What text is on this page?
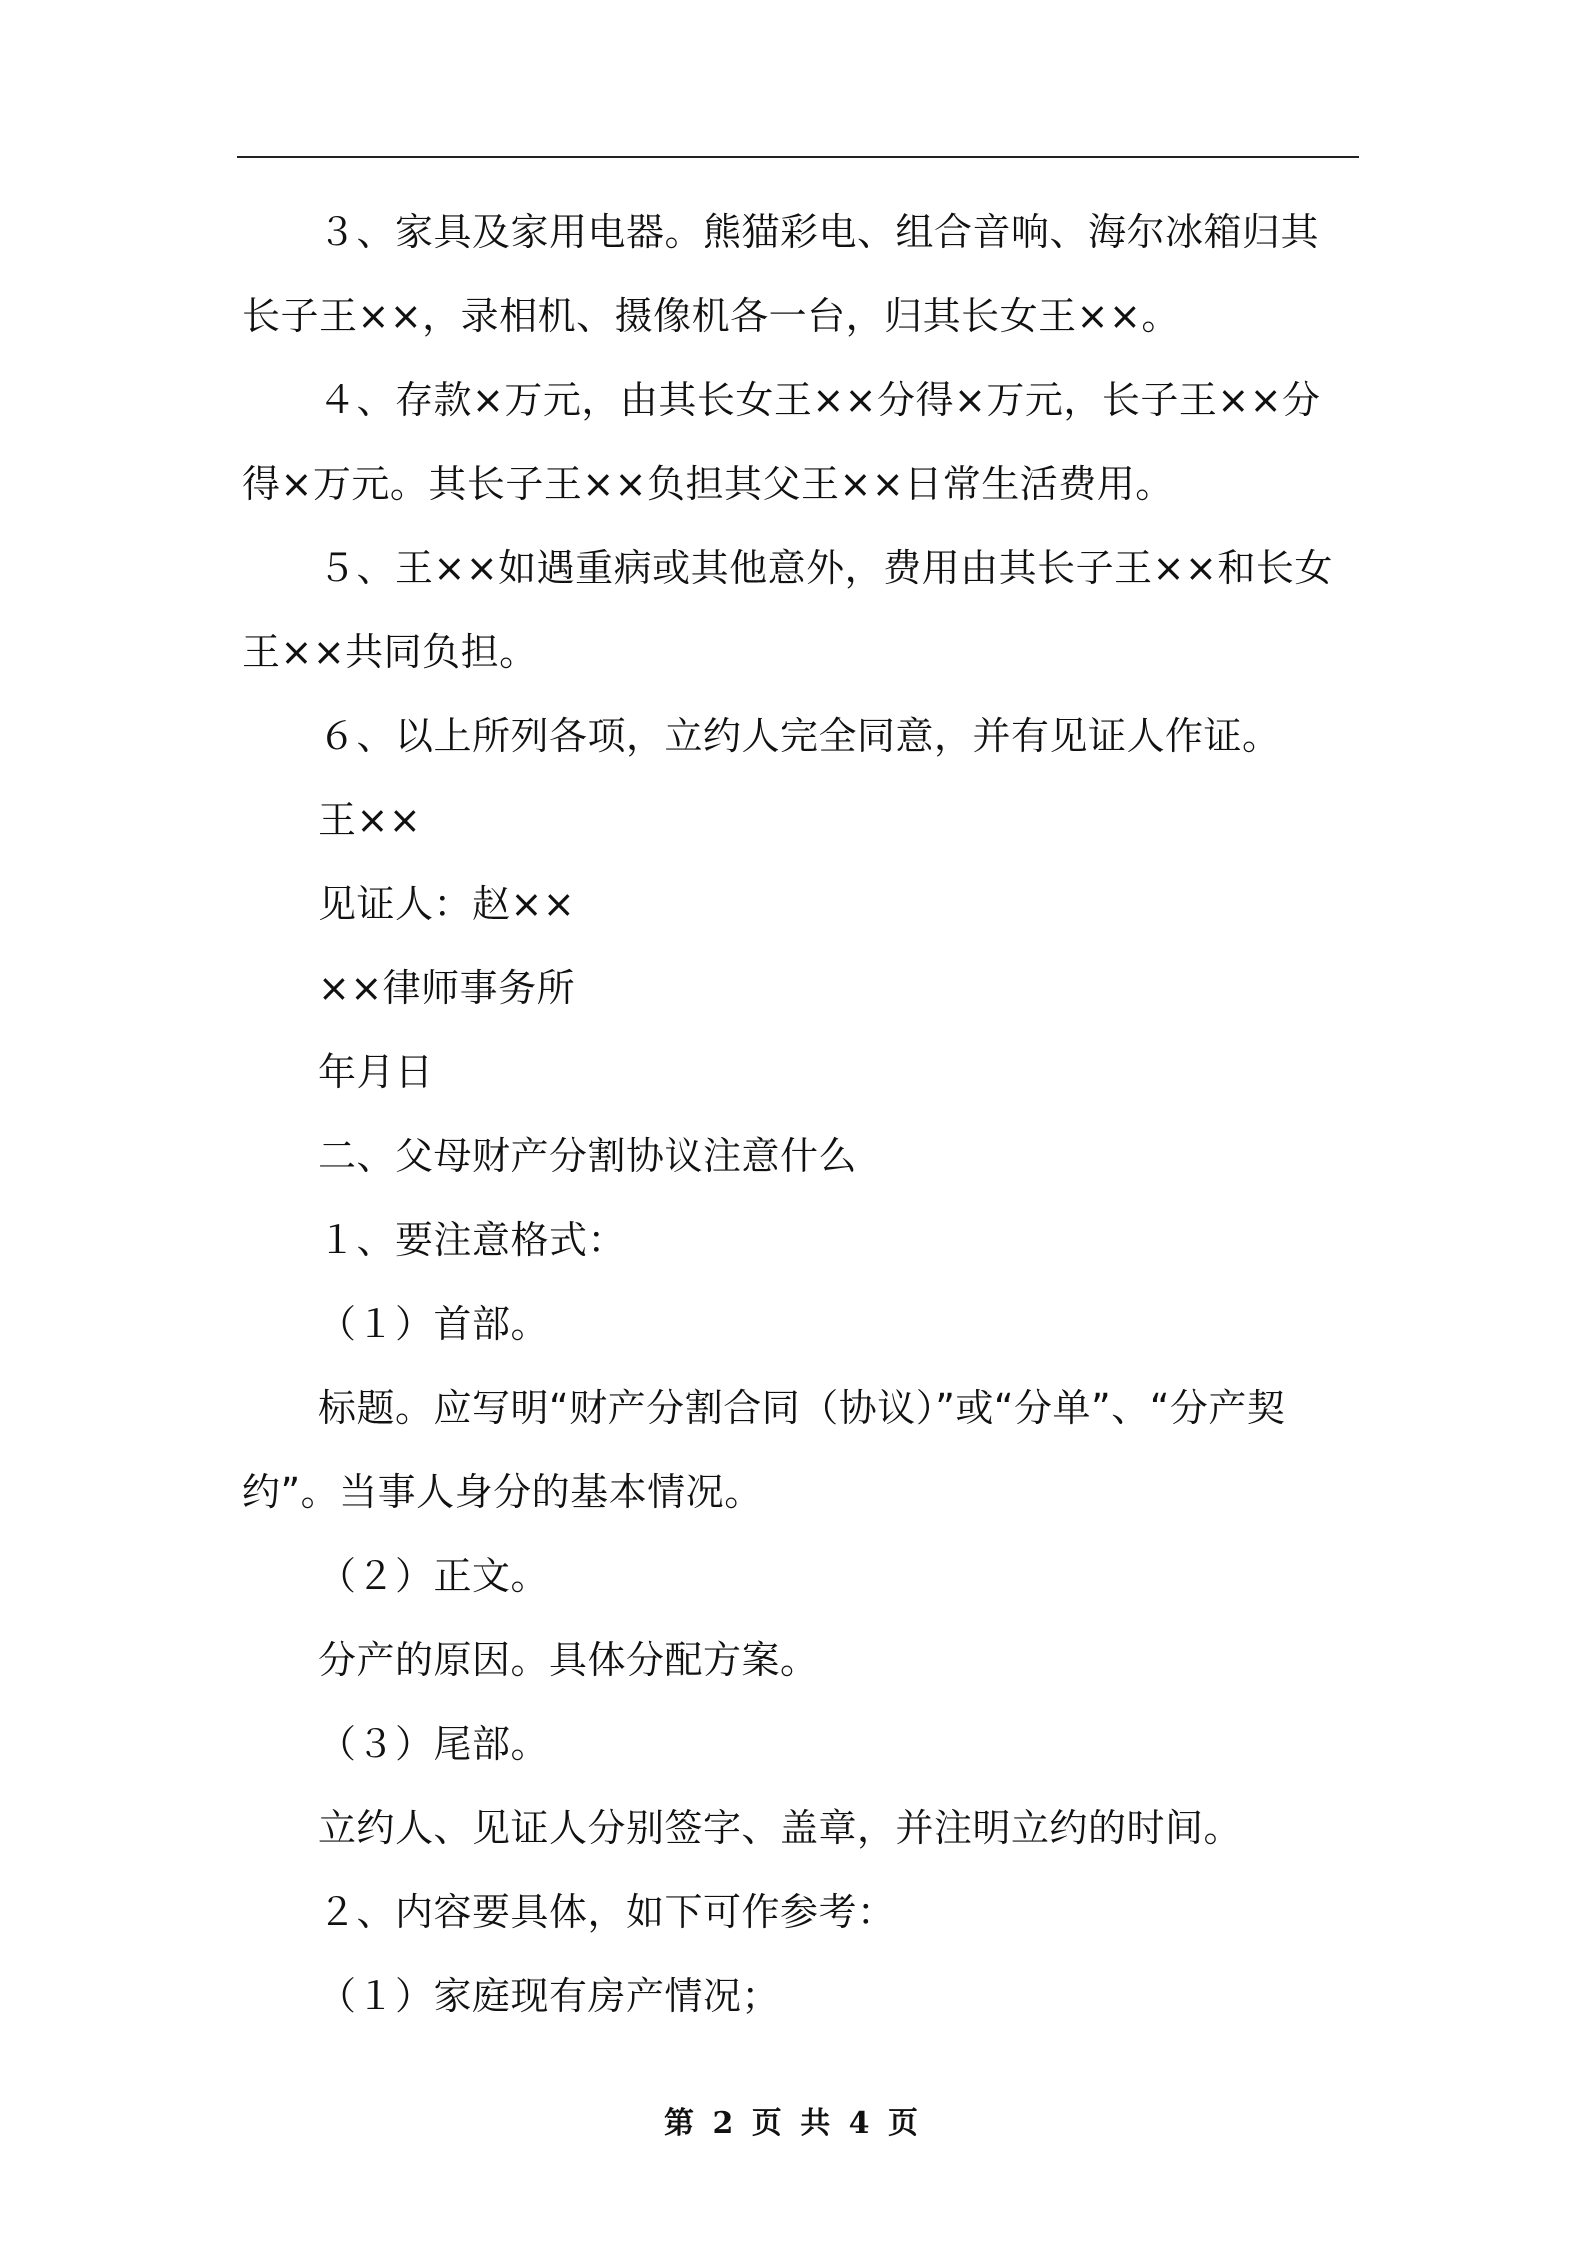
３、家具及家用电器。熊猫彩电、组合音响、海尔冰箱归其长子王××，录相机、摄像机各一台，归其长女王××。

４、存款×万元，由其长女王××分得×万元，长子王××分得×万元。其长子王××负担其父王××日常生活费用。

５、王××如遇重病或其他意外，费用由其长子王××和长女王××共同负担。

６、以上所列各项，立约人完全同意，并有见证人作证。

王××

见证人：赵××

××律师事务所

年月日

二、父母财产分割协议注意什么

１、要注意格式：

（１）首部。

标题。应写明“财产分割合同（协议）”或“分单”、“分产契约”。当事人身分的基本情况。

（２）正文。

分产的原因。具体分配方案。

（３）尾部。

立约人、见证人分别签字、盖章，并注明立约的时间。

２、内容要具体，如下可作参考：

（１）家庭现有房产情况；

第 2 页 共 4 页
